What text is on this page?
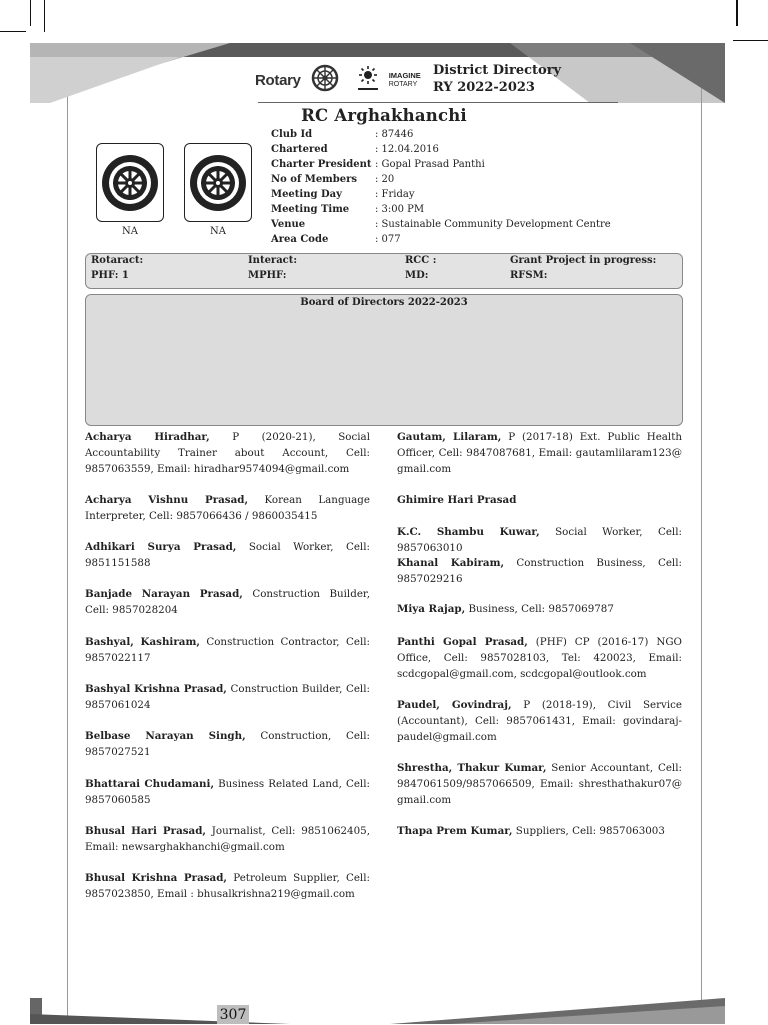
Rotary	IMAGINE
ROTARY
District Directory
RY 2022-2023
RC Arghakhanchi
NA	NA
Club Id	: 87446
Chartered	: 12.04.2016
Charter President : Gopal Prasad Panthi
No of Members	: 20
Meeting Day	: Friday
Meeting Time	: 3:00 PM
Venue	: Sustainable Community Development Centre
Area Code	: 077
Rotaract:	Interact:	RCC :	Grant Project in progress:
PHF: 1	MPHF:	MD:	RFSM:
Board of Directors 2022-2023

Acharya Hiradhar, P (2020-21), Social Accountability Trainer about Account, Cell: 9857063559, Email: hiradhar9574094@gmail.com

Acharya Vishnu Prasad, Korean Language Interpreter, Cell: 9857066436 / 9860035415

Adhikari Surya Prasad, Social Worker, Cell: 9851151588

Banjade Narayan Prasad, Construction Builder, Cell: 9857028204

Bashyal, Kashiram, Construction Contractor, Cell: 9857022117

Bashyal Krishna Prasad, Construction Builder, Cell: 9857061024

Belbase Narayan Singh, Construction, Cell: 9857027521

Bhattarai Chudamani, Business Related Land, Cell: 9857060585

Bhusal Hari Prasad, Journalist, Cell: 9851062405, Email: newsarghakhanchi@gmail.com

Bhusal Krishna Prasad, Petroleum Supplier, Cell: 9857023850, Email : bhusalkrishna219@gmail.com

Gautam, Lilaram, P (2017-18) Ext. Public Health Officer, Cell: 9847087681, Email: gautamlilaram123@ gmail.com

Ghimire Hari Prasad

K.C. Shambu Kuwar, Social Worker, Cell: 9857063010

Khanal Kabiram, Construction Business, Cell: 9857029216

Miya Rajap, Business, Cell: 9857069787

Panthi Gopal Prasad, (PHF) CP (2016-17) NGO Office, Cell: 9857028103, Tel: 420023, Email: scdcgopal@gmail.com, scdcgopal@outlook.com

Paudel, Govindraj, P (2018-19), Civil Service (Accountant), Cell: 9857061431, Email: govindaraj-paudel@gmail.com

Shrestha, Thakur Kumar, Senior Accountant, Cell: 9847061509/9857066509, Email: shresthathakur07@ gmail.com

Thapa Prem Kumar, Suppliers, Cell: 9857063003

307
